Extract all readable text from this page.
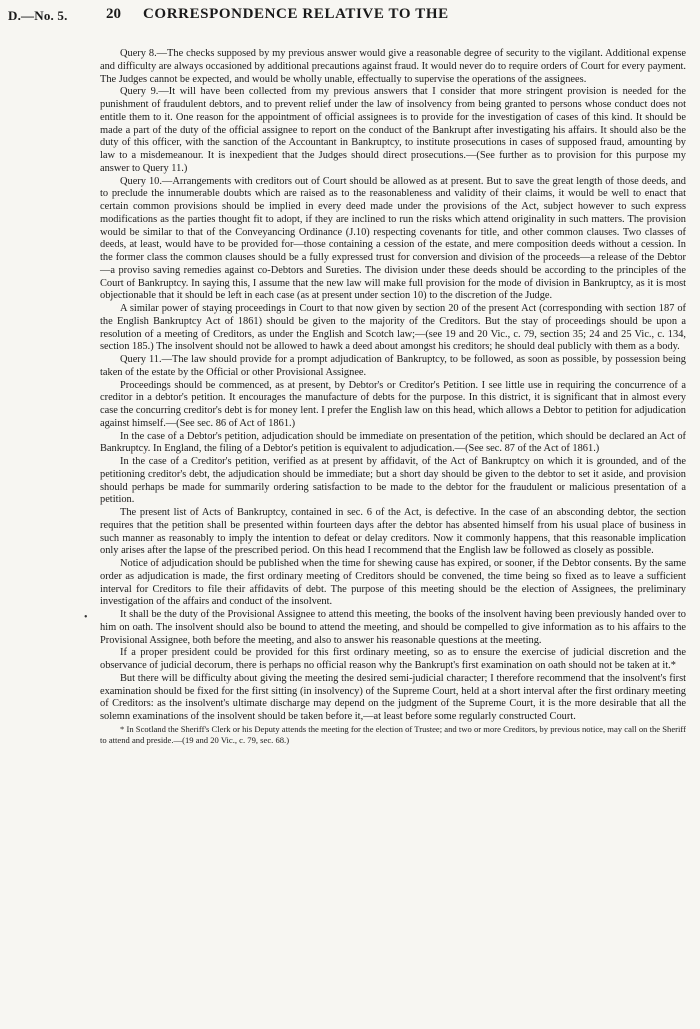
D.—No. 5.	20 CORRESPONDENCE RELATIVE TO THE
•

Query 8.—The checks supposed by my previous answer would give a reasonable degree of security to the vigilant. Additional expense and difficulty are always occasioned by additional precautions against fraud. It would never do to require orders of Court for every payment. The Judges cannot be expected, and would be wholly unable, effectually to supervise the operations of the assignees.

Query 9.—It will have been collected from my previous answers that I consider that more stringent provision is needed for the punishment of fraudulent debtors, and to prevent relief under the law of insolvency from being granted to persons whose conduct does not entitle them to it. One reason for the appointment of official assignees is to provide for the investigation of cases of this kind. It should be made a part of the duty of the official assignee to report on the conduct of the Bankrupt after investigating his affairs. It should also be the duty of this officer, with the sanction of the Accountant in Bankruptcy, to institute prosecutions in cases of supposed fraud, amounting by law to a misdemeanour. It is inexpedient that the Judges should direct prosecutions.—(See further as to provision for this purpose my answer to Query 11.)

Query 10.—Arrangements with creditors out of Court should be allowed as at present. But to save the great length of those deeds, and to preclude the innumerable doubts which are raised as to the reasonableness and validity of their claims, it would be well to enact that certain common provisions should be implied in every deed made under the provisions of the Act, subject however to such express modifications as the parties thought fit to adopt, if they are inclined to run the risks which attend originality in such matters. The provision would be similar to that of the Conveyancing Ordinance (J.10) respecting covenants for title, and other common clauses. Two classes of deeds, at least, would have to be provided for—those containing a cession of the estate, and mere composition deeds without a cession. In the former class the common clauses should be a fully expressed trust for conversion and division of the proceeds—a release of the Debtor—a proviso saving remedies against co-Debtors and Sureties. The division under these deeds should be according to the principles of the Court of Bankruptcy. In saying this, I assume that the new law will make full provision for the mode of division in Bankruptcy, as it is most objectionable that it should be left in each case (as at present under section 10) to the discretion of the Judge.

A similar power of staying proceedings in Court to that now given by section 20 of the present Act (corresponding with section 187 of the English Bankruptcy Act of 1861) should be given to the majority of the Creditors. But the stay of proceedings should be upon a resolution of a meeting of Creditors, as under the English and Scotch law;—(see 19 and 20 Vic., c. 79, section 35; 24 and 25 Vic., c. 134, section 185.) The insolvent should not be allowed to hawk a deed about amongst his creditors; he should deal publicly with them as a body.

Query 11.—The law should provide for a prompt adjudication of Bankruptcy, to be followed, as soon as possible, by possession being taken of the estate by the Official or other Provisional Assignee.

Proceedings should be commenced, as at present, by Debtor's or Creditor's Petition. I see little use in requiring the concurrence of a creditor in a debtor's petition. It encourages the manufacture of debts for the purpose. In this district, it is significant that in almost every case the concurring creditor's debt is for money lent. I prefer the English law on this head, which allows a Debtor to petition for adjudication against himself.—(See sec. 86 of Act of 1861.)

In the case of a Debtor's petition, adjudication should be immediate on presentation of the petition, which should be declared an Act of Bankruptcy. In England, the filing of a Debtor's petition is equivalent to adjudication.—(See sec. 87 of the Act of 1861.)

In the case of a Creditor's petition, verified as at present by affidavit, of the Act of Bankruptcy on which it is grounded, and of the petitioning creditor's debt, the adjudication should be immediate; but a short day should be given to the debtor to set it aside, and provision should perhaps be made for summarily ordering satisfaction to be made to the debtor for the fraudulent or malicious presentation of a petition.

The present list of Acts of Bankruptcy, contained in sec. 6 of the Act, is defective. In the case of an absconding debtor, the section requires that the petition shall be presented within fourteen days after the debtor has absented himself from his usual place of business in such manner as reasonably to imply the intention to defeat or delay creditors. Now it commonly happens, that this reasonable implication only arises after the lapse of the prescribed period. On this head I recommend that the English law be followed as closely as possible.

Notice of adjudication should be published when the time for shewing cause has expired, or sooner, if the Debtor consents. By the same order as adjudication is made, the first ordinary meeting of Creditors should be convened, the time being so fixed as to leave a sufficient interval for Creditors to file their affidavits of debt. The purpose of this meeting should be the election of Assignees, the preliminary investigation of the affairs and conduct of the insolvent.

It shall be the duty of the Provisional Assignee to attend this meeting, the books of the insolvent having been previously handed over to him on oath. The insolvent should also be bound to attend the meeting, and should be compelled to give information as to his affairs to the Provisional Assignee, both before the meeting, and also to answer his reasonable questions at the meeting.

If a proper president could be provided for this first ordinary meeting, so as to ensure the exercise of judicial discretion and the observance of judicial decorum, there is perhaps no official reason why the Bankrupt's first examination on oath should not be taken at it.*

But there will be difficulty about giving the meeting the desired semi-judicial character; I therefore recommend that the insolvent's first examination should be fixed for the first sitting (in insolvency) of the Supreme Court, held at a short interval after the first ordinary meeting of Creditors: as the insolvent's ultimate discharge may depend on the judgment of the Supreme Court, it is the more desirable that all the solemn examinations of the insolvent should be taken before it,—at least before some regularly constructed Court.

* In Scotland the Sheriff's Clerk or his Deputy attends the meeting for the election of Trustee; and two or more Creditors, by previous notice, may call on the Sheriff to attend and preside.—(19 and 20 Vic., c. 79, sec. 68.)
